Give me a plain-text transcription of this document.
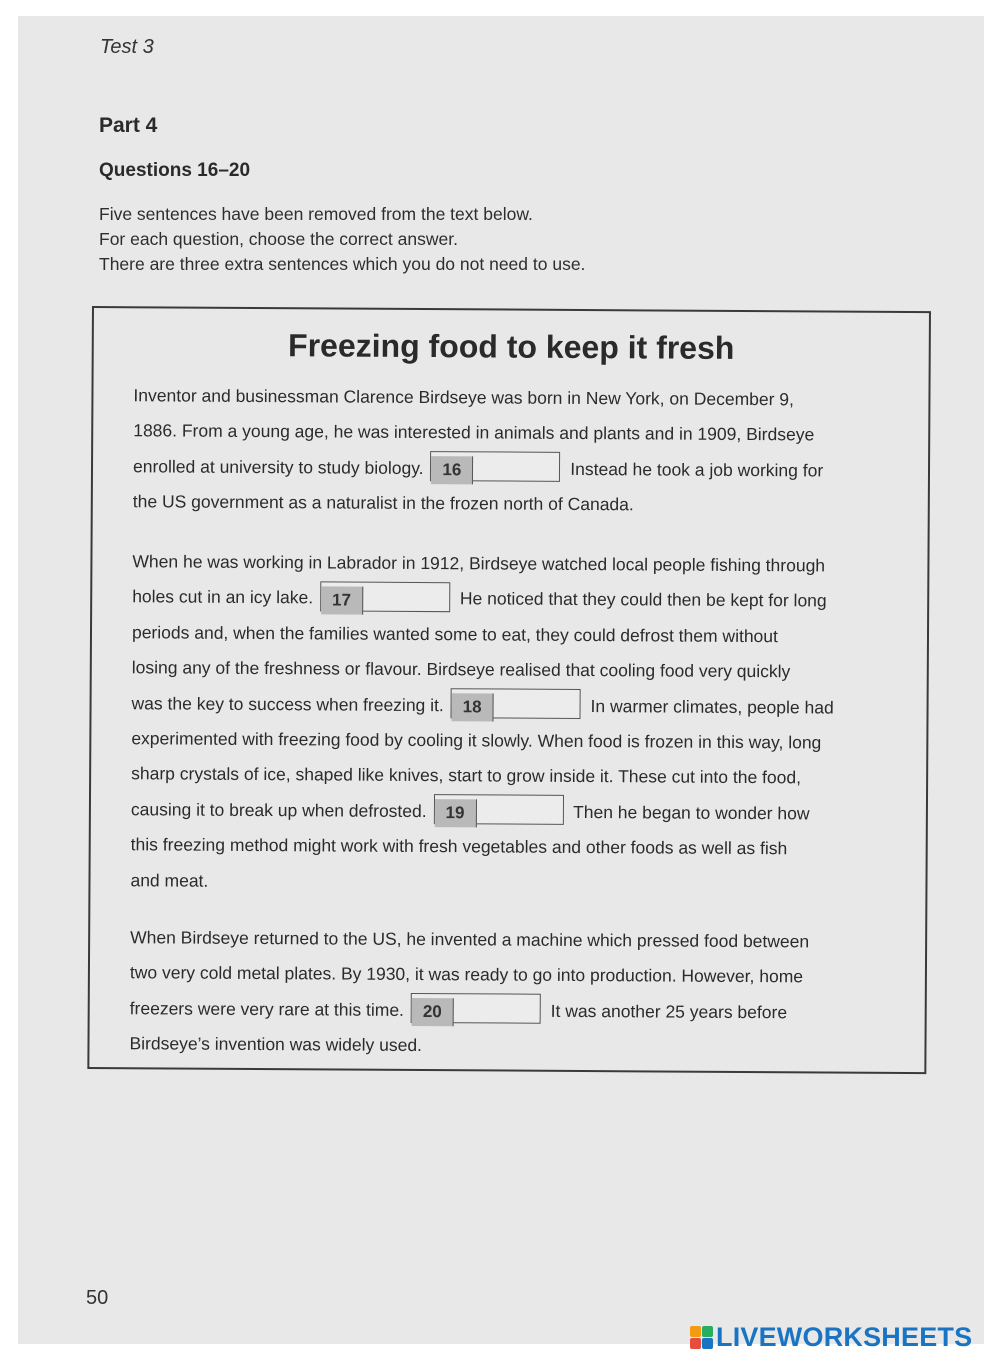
Test 3
Part 4
Questions 16–20
Five sentences have been removed from the text below.
For each question, choose the correct answer.
There are three extra sentences which you do not need to use.
Freezing food to keep it fresh
Inventor and businessman Clarence Birdseye was born in New York, on December 9,
1886. From a young age, he was interested in animals and plants and in 1909, Birdseye
enrolled at university to study biology. 16	Instead he took a job working for
the US government as a naturalist in the frozen north of Canada.
When he was working in Labrador in 1912, Birdseye watched local people fishing through
holes cut in an icy lake. 17	He noticed that they could then be kept for long
periods and, when the families wanted some to eat, they could defrost them without
losing any of the freshness or flavour. Birdseye realised that cooling food very quickly
was the key to success when freezing it. 18	In warmer climates, people had
experimented with freezing food by cooling it slowly. When food is frozen in this way, long
sharp crystals of ice, shaped like knives, start to grow inside it. These cut into the food,
causing it to break up when defrosted. 19	Then he began to wonder how
this freezing method might work with fresh vegetables and other foods as well as fish
and meat.
When Birdseye returned to the US, he invented a machine which pressed food between
two very cold metal plates. By 1930, it was ready to go into production. However, home
freezers were very rare at this time. 20	It was another 25 years before
Birdseye’s invention was widely used.
50
LIVEWORKSHEETS
